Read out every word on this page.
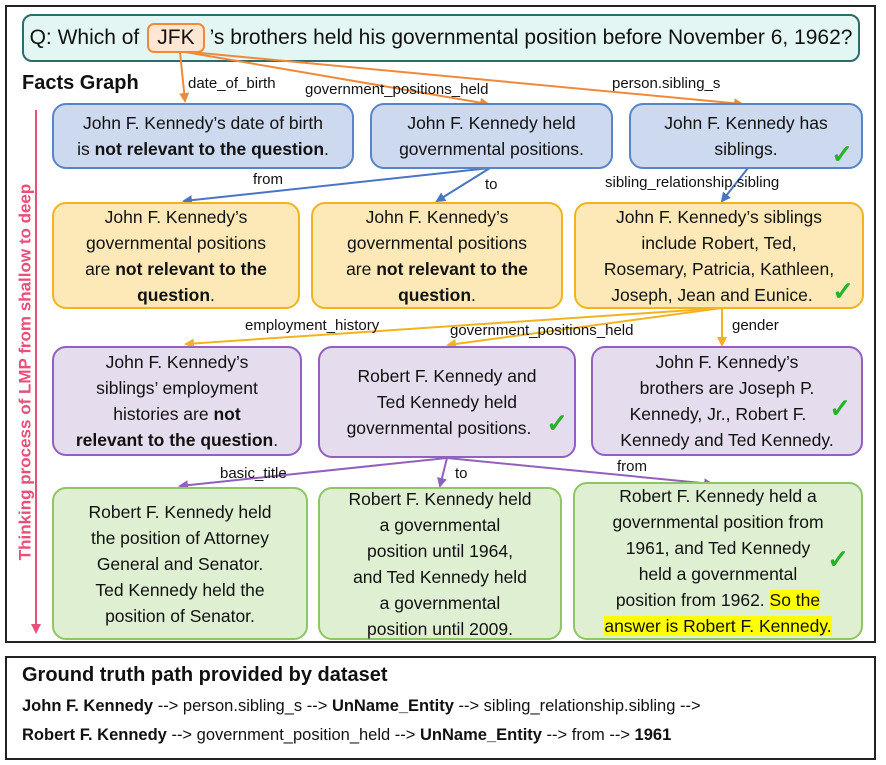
Q: Which of JFK ’s brothers held his governmental position before November 6, 1962?
Facts Graph
Thinking process of LMP from shallow to deep
date_of_birth government_positions_held	person.sibling_s
from	to	sibling_relationship.sibling
employment_history	government_positions_held	gender
basic_title	to	from
John F. Kennedy’s date of birth
is not relevant to the question.
John F. Kennedy held
governmental positions.
John F. Kennedy has
siblings.	✓
John F. Kennedy’s
governmental positions
are not relevant to the
question.
John F. Kennedy’s
governmental positions
are not relevant to the
question.
John F. Kennedy’s siblings
include Robert, Ted,
Rosemary, Patricia, Kathleen,
Joseph, Jean and Eunice. ✓
John F. Kennedy’s
siblings’ employment
histories are not
relevant to the question.
Robert F. Kennedy and
Ted Kennedy held
governmental positions. ✓
John F. Kennedy’s
brothers are Joseph P.
Kennedy, Jr., Robert F.
Kennedy and Ted Kennedy.
✓
Robert F. Kennedy held
the position of Attorney
General and Senator.
Ted Kennedy held the
position of Senator.
Robert F. Kennedy held
a governmental
position until 1964,
and Ted Kennedy held
a governmental
position until 2009.
Robert F. Kennedy held a
governmental position from
1961, and Ted Kennedy
held a governmental
position from 1962. So the
answer is Robert F. Kennedy.
✓
Ground truth path provided by dataset
John F. Kennedy --> person.sibling_s --> UnName_Entity --> sibling_relationship.sibling -->
Robert F. Kennedy --> government_position_held --> UnName_Entity --> from --> 1961
